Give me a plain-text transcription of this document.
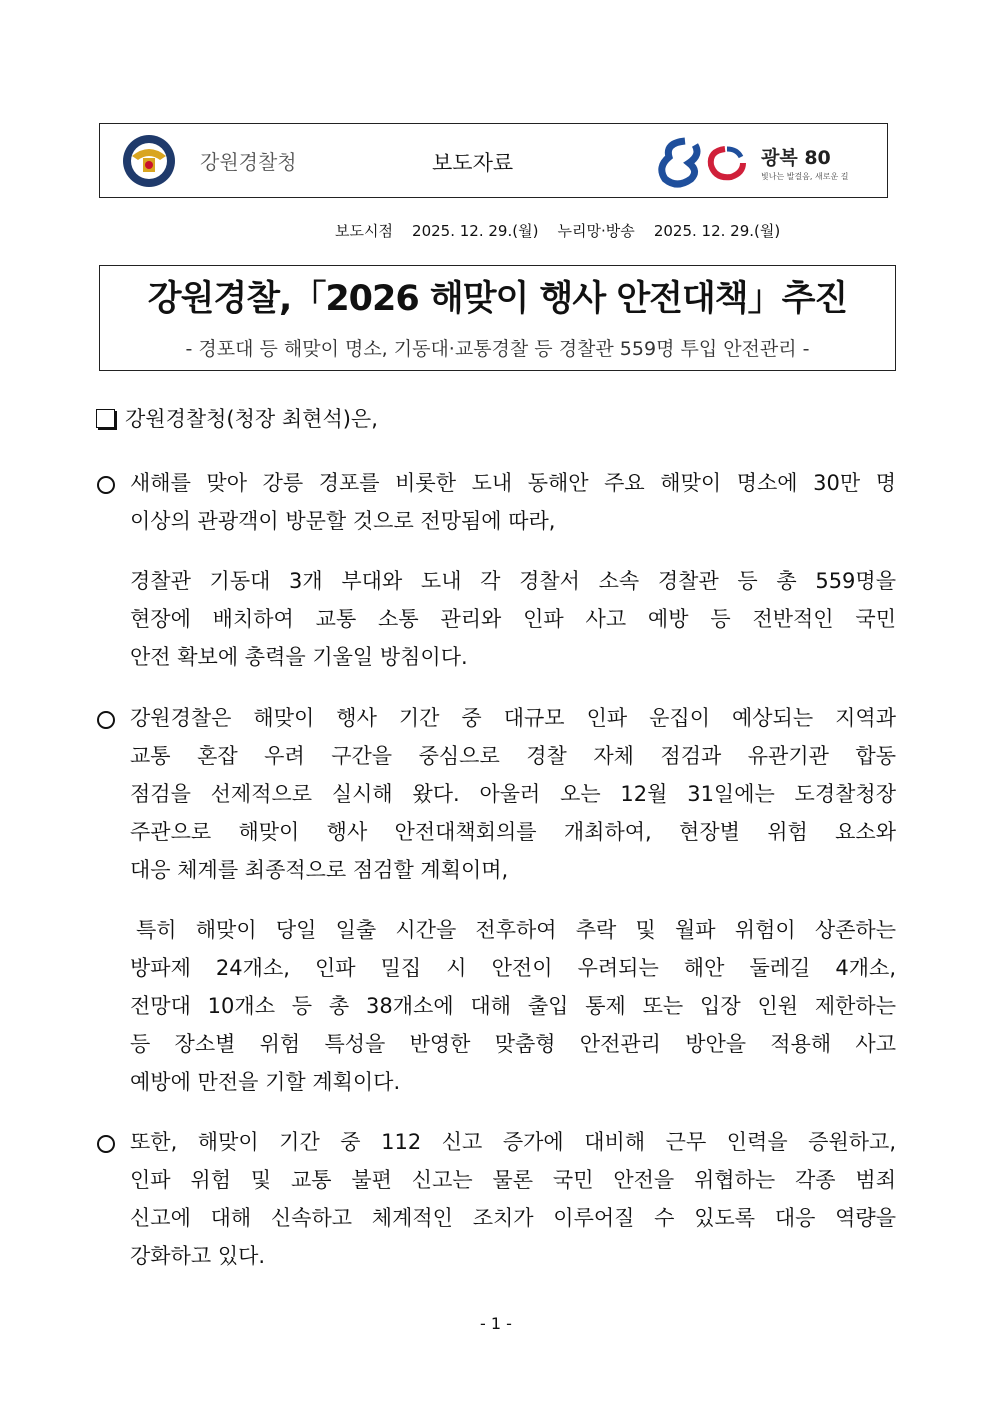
강원경찰청	보도자료	광복 80
빛나는 발걸음, 새로운 길
보도시점 2025. 12. 29.(월) 누리망·방송 2025. 12. 29.(월)
강원경찰,「2026 해맞이 행사 안전대책」추진
- 경포대 등 해맞이 명소, 기동대·교통경찰 등 경찰관 559명 투입 안전관리 -
강원경찰청(청장 최현석)은,
새해를 맞아 강릉 경포를 비롯한 도내 동해안 주요 해맞이 명소에 30만 명
이상의 관광객이 방문할 것으로 전망됨에 따라,
경찰관 기동대 3개 부대와 도내 각 경찰서 소속 경찰관 등 총 559명을
현장에 배치하여 교통 소통 관리와 인파 사고 예방 등 전반적인 국민
안전 확보에 총력을 기울일 방침이다.
강원경찰은 해맞이 행사 기간 중 대규모 인파 운집이 예상되는 지역과
교통 혼잡 우려 구간을 중심으로 경찰 자체 점검과 유관기관 합동
점검을 선제적으로 실시해 왔다. 아울러 오는 12월 31일에는 도경찰청장
주관으로 해맞이 행사 안전대책회의를 개최하여, 현장별 위험 요소와
대응 체계를 최종적으로 점검할 계획이며,
특히 해맞이 당일 일출 시간을 전후하여 추락 및 월파 위험이 상존하는
방파제 24개소, 인파 밀집 시 안전이 우려되는 해안 둘레길 4개소,
전망대 10개소 등 총 38개소에 대해 출입 통제 또는 입장 인원 제한하는
등 장소별 위험 특성을 반영한 맞춤형 안전관리 방안을 적용해 사고
예방에 만전을 기할 계획이다.
또한, 해맞이 기간 중 112 신고 증가에 대비해 근무 인력을 증원하고,
인파 위험 및 교통 불편 신고는 물론 국민 안전을 위협하는 각종 범죄
신고에 대해 신속하고 체계적인 조치가 이루어질 수 있도록 대응 역량을
강화하고 있다.
- 1 -
